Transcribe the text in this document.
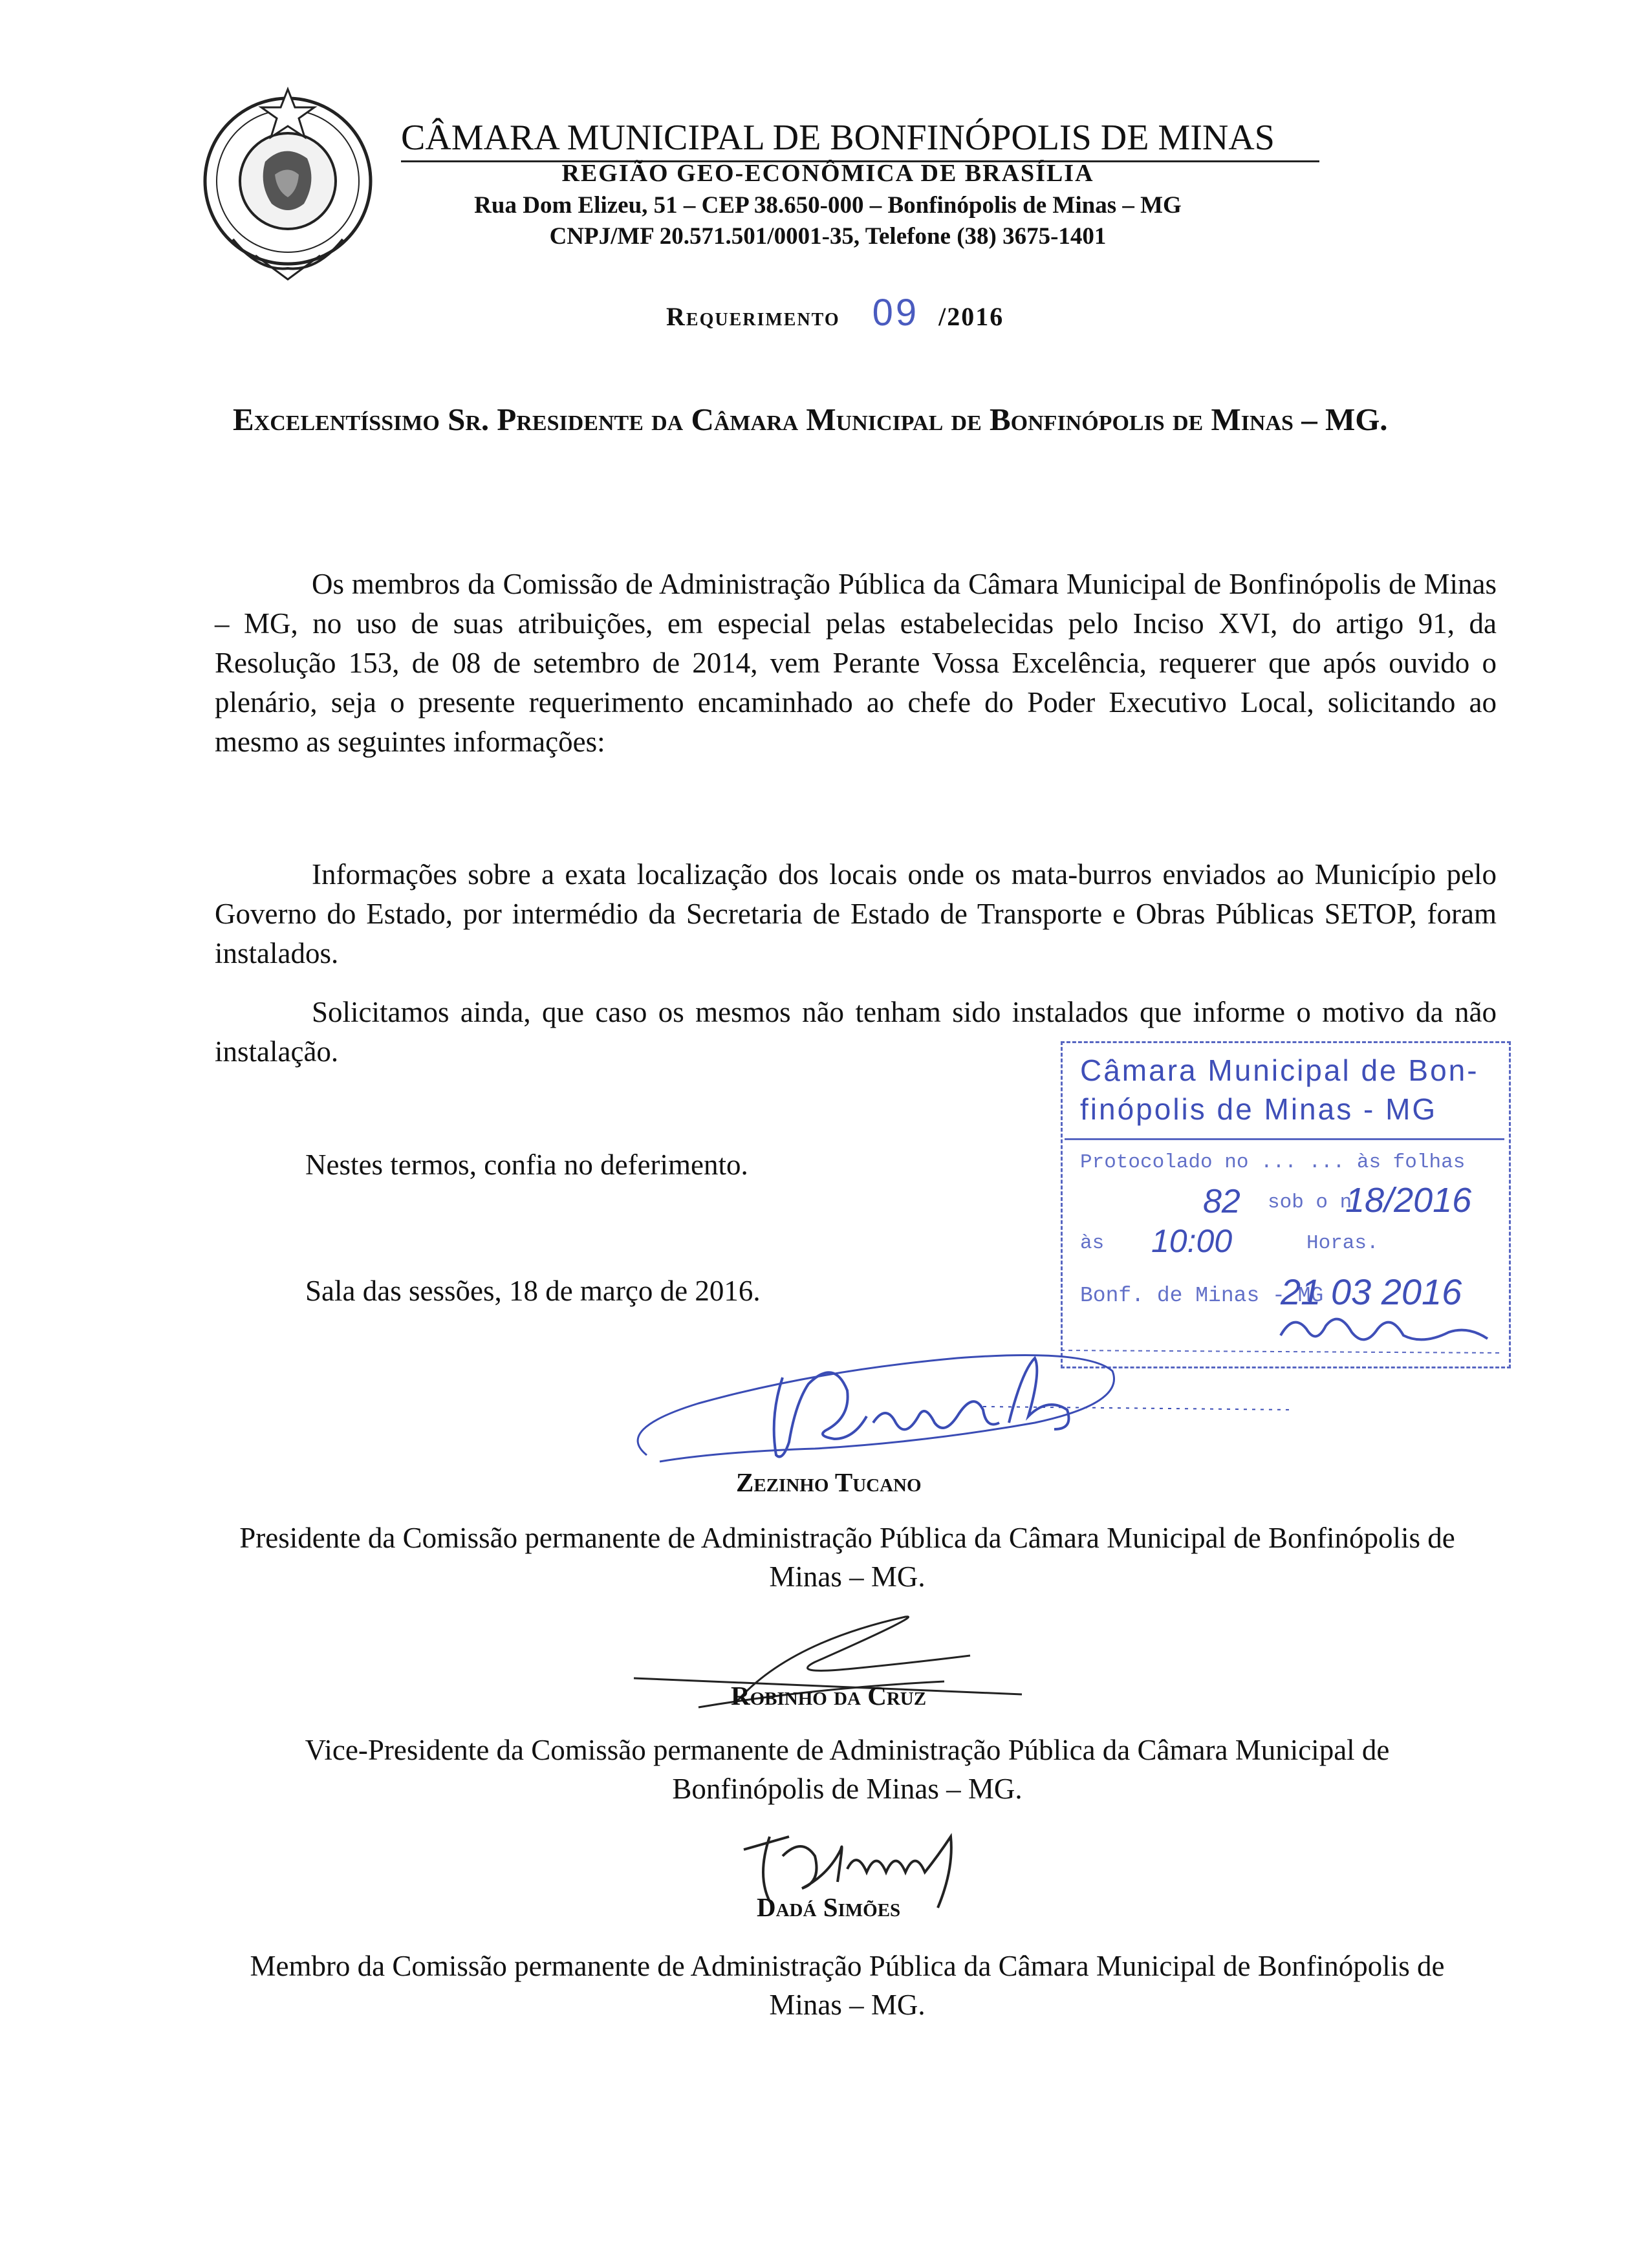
CÂMARA MUNICIPAL DE BONFINÓPOLIS DE MINAS
REGIÃO GEO-ECONÔMICA DE BRASÍLIA
Rua Dom Elizeu, 51 – CEP 38.650-000 – Bonfinópolis de Minas – MG
CNPJ/MF 20.571.501/0001-35, Telefone (38) 3675-1401
Requerimento 09 /2016
Excelentíssimo Sr. Presidente da Câmara Municipal de Bonfinópolis de Minas – MG.
Os membros da Comissão de Administração Pública da Câmara Municipal de Bonfinópolis de Minas – MG, no uso de suas atribuições, em especial pelas estabelecidas pelo Inciso XVI, do artigo 91, da Resolução 153, de 08 de setembro de 2014, vem Perante Vossa Excelência, requerer que após ouvido o plenário, seja o presente requerimento encaminhado ao chefe do Poder Executivo Local, solicitando ao mesmo as seguintes informações:
Informações sobre a exata localização dos locais onde os mata-burros enviados ao Município pelo Governo do Estado, por intermédio da Secretaria de Estado de Transporte e Obras Públicas SETOP, foram instalados.
Solicitamos ainda, que caso os mesmos não tenham sido instalados que informe o motivo da não instalação.
Nestes termos, confia no deferimento.
Sala das sessões, 18 de março de 2016.
Câmara Municipal de Bon-
finópolis de Minas - MG
Protocolado no ... ... às folhas
82 sob o n
18/2016
às 10:00	Horas.
Bonf. de Minas - MG
21 03 2016
Zezinho Tucano
Presidente da Comissão permanente de Administração Pública da Câmara Municipal de Bonfinópolis de Minas – MG.
Robinho da Cruz
Vice-Presidente da Comissão permanente de Administração Pública da Câmara Municipal de Bonfinópolis de Minas – MG.
Dadá Simões
Membro da Comissão permanente de Administração Pública da Câmara Municipal de Bonfinópolis de Minas – MG.
